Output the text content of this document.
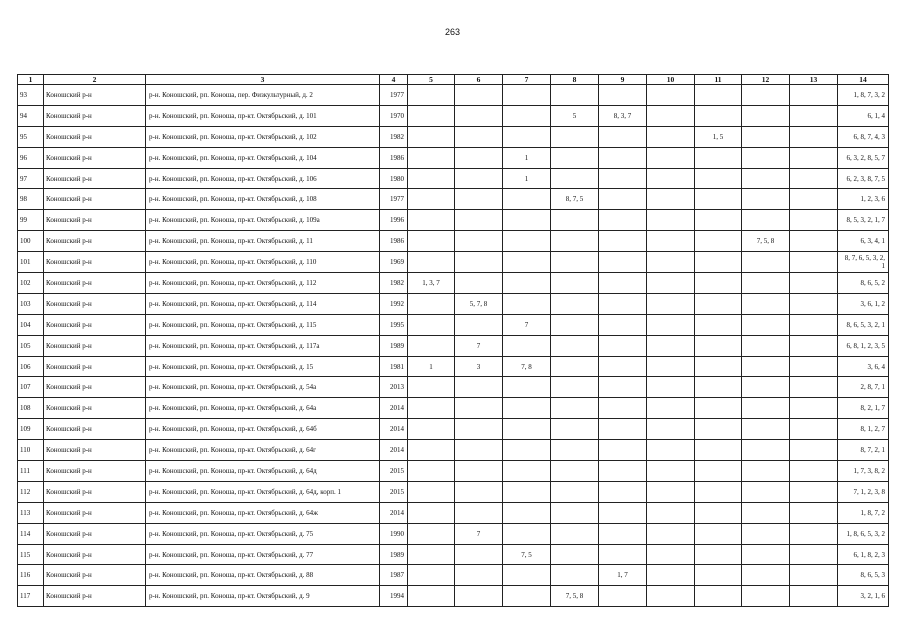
263
1	2	3	4	5	6	7	8	9	10	11	12	13	14
93	Коношский р-н	р-н. Коношский, рп. Коноша, пер. Физкультурный, д. 2	1977										1, 8, 7, 3, 2
94	Коношский р-н	р-н. Коношский, рп. Коноша, пр-кт. Октябрьский, д. 101	1970				5	8, 3, 7					6, 1, 4
95	Коношский р-н	р-н. Коношский, рп. Коноша, пр-кт. Октябрьский, д. 102	1982							1, 5			6, 8, 7, 4, 3
96	Коношский р-н	р-н. Коношский, рп. Коноша, пр-кт. Октябрьский, д. 104	1986			1							6, 3, 2, 8, 5, 7
97	Коношский р-н	р-н. Коношский, рп. Коноша, пр-кт. Октябрьский, д. 106	1980			1							6, 2, 3, 8, 7, 5
98	Коношский р-н	р-н. Коношский, рп. Коноша, пр-кт. Октябрьский, д. 108	1977				8, 7, 5						1, 2, 3, 6
99	Коношский р-н	р-н. Коношский, рп. Коноша, пр-кт. Октябрьский, д. 109а	1996										8, 5, 3, 2, 1, 7
100	Коношский р-н	р-н. Коношский, рп. Коноша, пр-кт. Октябрьский, д. 11	1986								7, 5, 8		6, 3, 4, 1
101	Коношский р-н	р-н. Коношский, рп. Коноша, пр-кт. Октябрьский, д. 110	1969										8, 7, 6, 5, 3, 2, 1
102	Коношский р-н	р-н. Коношский, рп. Коноша, пр-кт. Октябрьский, д. 112	1982	1, 3, 7									8, 6, 5, 2
103	Коношский р-н	р-н. Коношский, рп. Коноша, пр-кт. Октябрьский, д. 114	1992		5, 7, 8								3, 6, 1, 2
104	Коношский р-н	р-н. Коношский, рп. Коноша, пр-кт. Октябрьский, д. 115	1995			7							8, 6, 5, 3, 2, 1
105	Коношский р-н	р-н. Коношский, рп. Коноша, пр-кт. Октябрьский, д. 117а	1989		7								6, 8, 1, 2, 3, 5
106	Коношский р-н	р-н. Коношский, рп. Коноша, пр-кт. Октябрьский, д. 15	1981	1	3	7, 8							3, 6, 4
107	Коношский р-н	р-н. Коношский, рп. Коноша, пр-кт. Октябрьский, д. 54а	2013										2, 8, 7, 1
108	Коношский р-н	р-н. Коношский, рп. Коноша, пр-кт. Октябрьский, д. 64а	2014										8, 2, 1, 7
109	Коношский р-н	р-н. Коношский, рп. Коноша, пр-кт. Октябрьский, д. 64б	2014										8, 1, 2, 7
110	Коношский р-н	р-н. Коношский, рп. Коноша, пр-кт. Октябрьский, д. 64г	2014										8, 7, 2, 1
111	Коношский р-н	р-н. Коношский, рп. Коноша, пр-кт. Октябрьский, д. 64д	2015										1, 7, 3, 8, 2
112	Коношский р-н	р-н. Коношский, рп. Коноша, пр-кт. Октябрьский, д. 64д, корп. 1	2015										7, 1, 2, 3, 8
113	Коношский р-н	р-н. Коношский, рп. Коноша, пр-кт. Октябрьский, д. 64ж	2014										1, 8, 7, 2
114	Коношский р-н	р-н. Коношский, рп. Коноша, пр-кт. Октябрьский, д. 75	1990		7								1, 8, 6, 5, 3, 2
115	Коношский р-н	р-н. Коношский, рп. Коноша, пр-кт. Октябрьский, д. 77	1989			7, 5							6, 1, 8, 2, 3
116	Коношский р-н	р-н. Коношский, рп. Коноша, пр-кт. Октябрьский, д. 88	1987					1, 7					8, 6, 5, 3
117	Коношский р-н	р-н. Коношский, рп. Коноша, пр-кт. Октябрьский, д. 9	1994				7, 5, 8						3, 2, 1, 6
